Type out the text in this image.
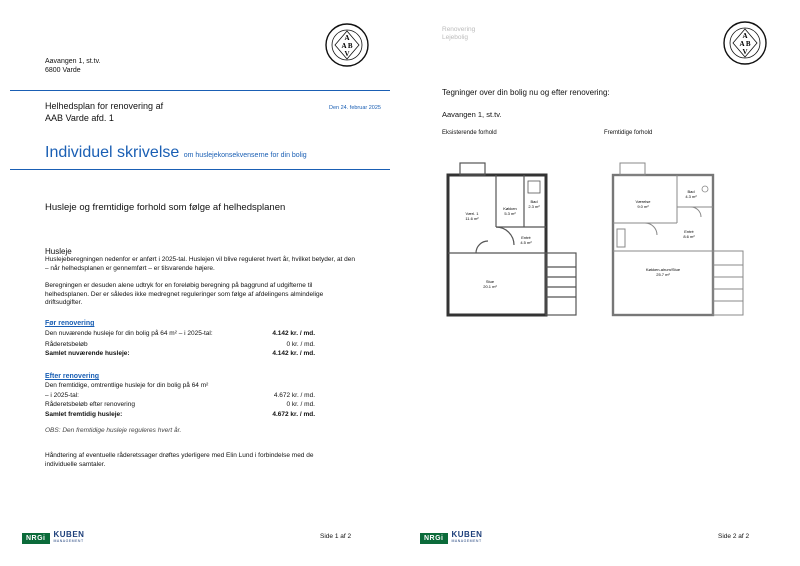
A
A B
V
Aavangen 1, st.tv.
6800 Varde
Helhedsplan for renovering af
AAB Varde afd. 1
Den 24. februar 2025
Individuel skrivelse om huslejekonsekvenserne for din bolig
Husleje og fremtidige forhold som følge af helhedsplanen
Husleje
Huslejeberegningen nedenfor er anført i 2025-tal. Huslejen vil blive reguleret hvert år, hvilket betyder, at den – når helhedsplanen er gennemført – er tilsvarende højere.
Beregningen er desuden alene udtryk for en foreløbig beregning på baggrund af udgifterne til helhedsplanen. Der er således ikke medregnet reguleringer som følge af afdelingens almindelige driftsudgifter.
Før renovering
Den nuværende husleje for din bolig på 64 m² – i 2025-tal:	4.142 kr. / md.
Råderetsbeløb	0 kr. / md.
Samlet nuværende husleje:	4.142 kr. / md.
Efter renovering
Den fremtidige, omtrentlige husleje for din bolig på 64 m²
– i 2025-tal:	4.672 kr. / md.
Råderetsbeløb efter renovering	0 kr. / md.
Samlet fremtidig husleje:	4.672 kr. / md.
OBS: Den fremtidige husleje reguleres hvert år.
Håndtering af eventuelle råderetssager drøftes yderligere med Elin Lund i forbindelse med de individuelle samtaler.
NRGi	KUBEN
MANAGEMENT
Side 1 af 2
Renovering
Lejebolig	A
A B
V
Tegninger over din bolig nu og efter renovering:
Aavangen 1, st.tv.
Eksisterende forhold	Fremtidige forhold
Værl. 1
11.6 m²
Køkken
5.3 m²
Bad
2.3 m²
Entré
4.5 m²
Stue
20.1 m²
Værelse
9.0 m²
Bad
4.3 m²
Entré
8.6 m²
Køkken-alrum/Stue
25.7 m²
NRGi	KUBEN
MANAGEMENT
Side 2 af 2
